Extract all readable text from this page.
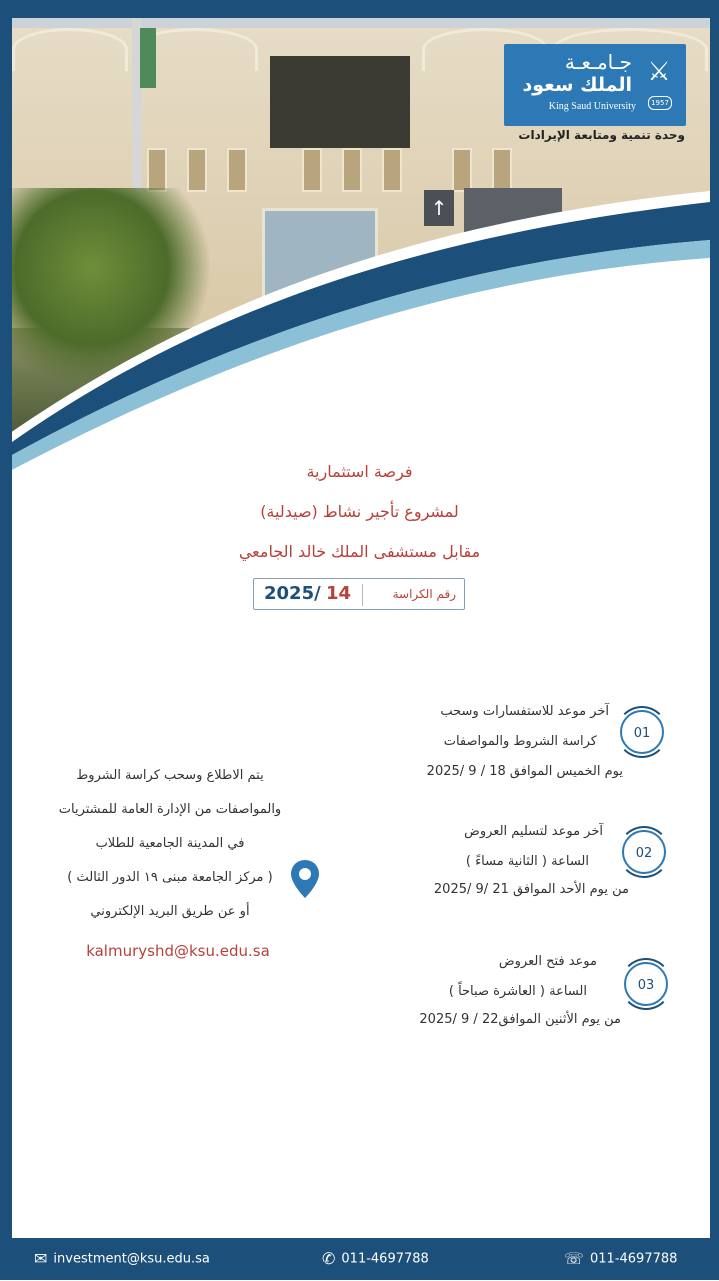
↑
جـامـعـة
الملك سعود
King Saud University
⚔
1957
وحدة تنمية ومتابعة الإيرادات
فرصة استثمارية
لمشروع تأجير نشاط (صيدلية)
مقابل مستشفى الملك خالد الجامعي
رقم الكراسة
14
2025/
01
آخر موعد للاستفسارات وسحب
كراسة الشروط والمواصفات
يوم الخميس الموافق 18 / 9 /2025
02
آخر موعد لتسليم العروض
الساعة ( الثانية مساءً )
من يوم الأحد الموافق 21 /9 /2025
03
موعد فتح العروض
الساعة ( العاشرة صباحاً )
من يوم الأثنين الموافق22 / 9 /2025
يتم الاطلاع وسحب كراسة الشروط
والمواصفات من الإدارة العامة للمشتريات
في المدينة الجامعية للطلاب
( مركز الجامعة مبنى ١٩ الدور الثالث )
أو عن طريق البريد الإلكتروني
kalmuryshd@ksu.edu.sa
✉ investment@ksu.edu.sa	✆ 011-4697788	☏ 011-4697788
